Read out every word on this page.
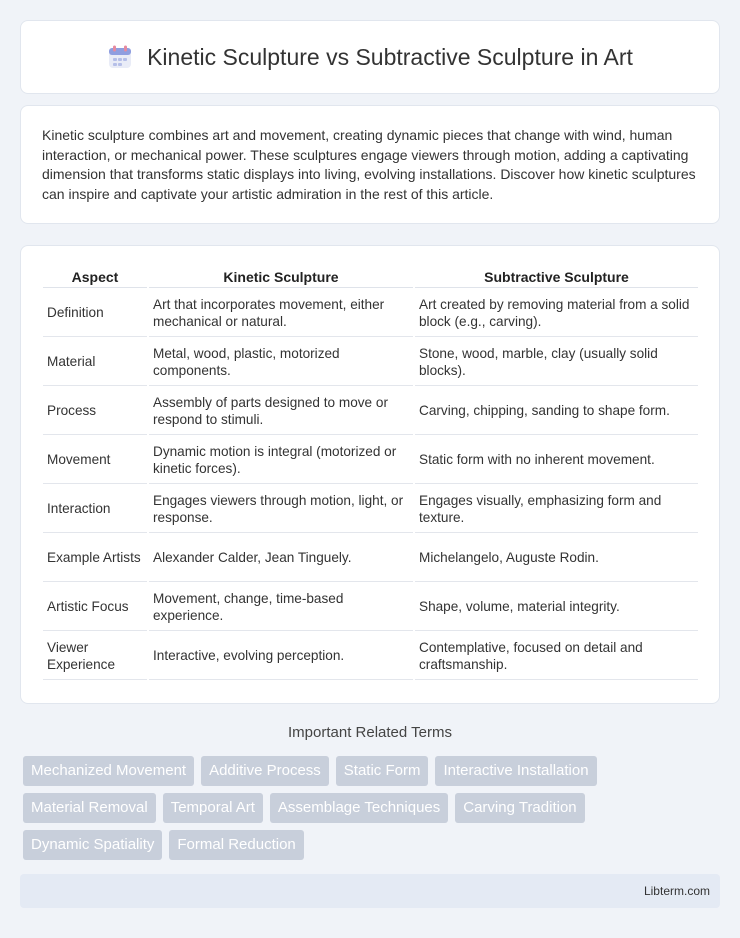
Kinetic Sculpture vs Subtractive Sculpture in Art

Kinetic sculpture combines art and movement, creating dynamic pieces that change with wind, human interaction, or mechanical power. These sculptures engage viewers through motion, adding a captivating dimension that transforms static displays into living, evolving installations. Discover how kinetic sculptures can inspire and captivate your artistic admiration in the rest of this article.

Aspect	Kinetic Sculpture	Subtractive Sculpture
Definition	Art that incorporates movement, either mechanical or natural.	Art created by removing material from a solid block (e.g., carving).
Material	Metal, wood, plastic, motorized components.	Stone, wood, marble, clay (usually solid blocks).
Process	Assembly of parts designed to move or respond to stimuli.	Carving, chipping, sanding to shape form.
Movement	Dynamic motion is integral (motorized or kinetic forces).	Static form with no inherent movement.
Interaction	Engages viewers through motion, light, or response.	Engages visually, emphasizing form and texture.
Example Artists	Alexander Calder, Jean Tinguely.	Michelangelo, Auguste Rodin.
Artistic Focus	Movement, change, time-based experience.	Shape, volume, material integrity.
Viewer Experience	Interactive, evolving perception.	Contemplative, focused on detail and craftsmanship.
Important Related Terms
Mechanized Movement	Additive Process	Static Form	Interactive Installation
Material Removal	Temporal Art	Assemblage Techniques	Carving Tradition
Dynamic Spatiality	Formal Reduction
Libterm.com
